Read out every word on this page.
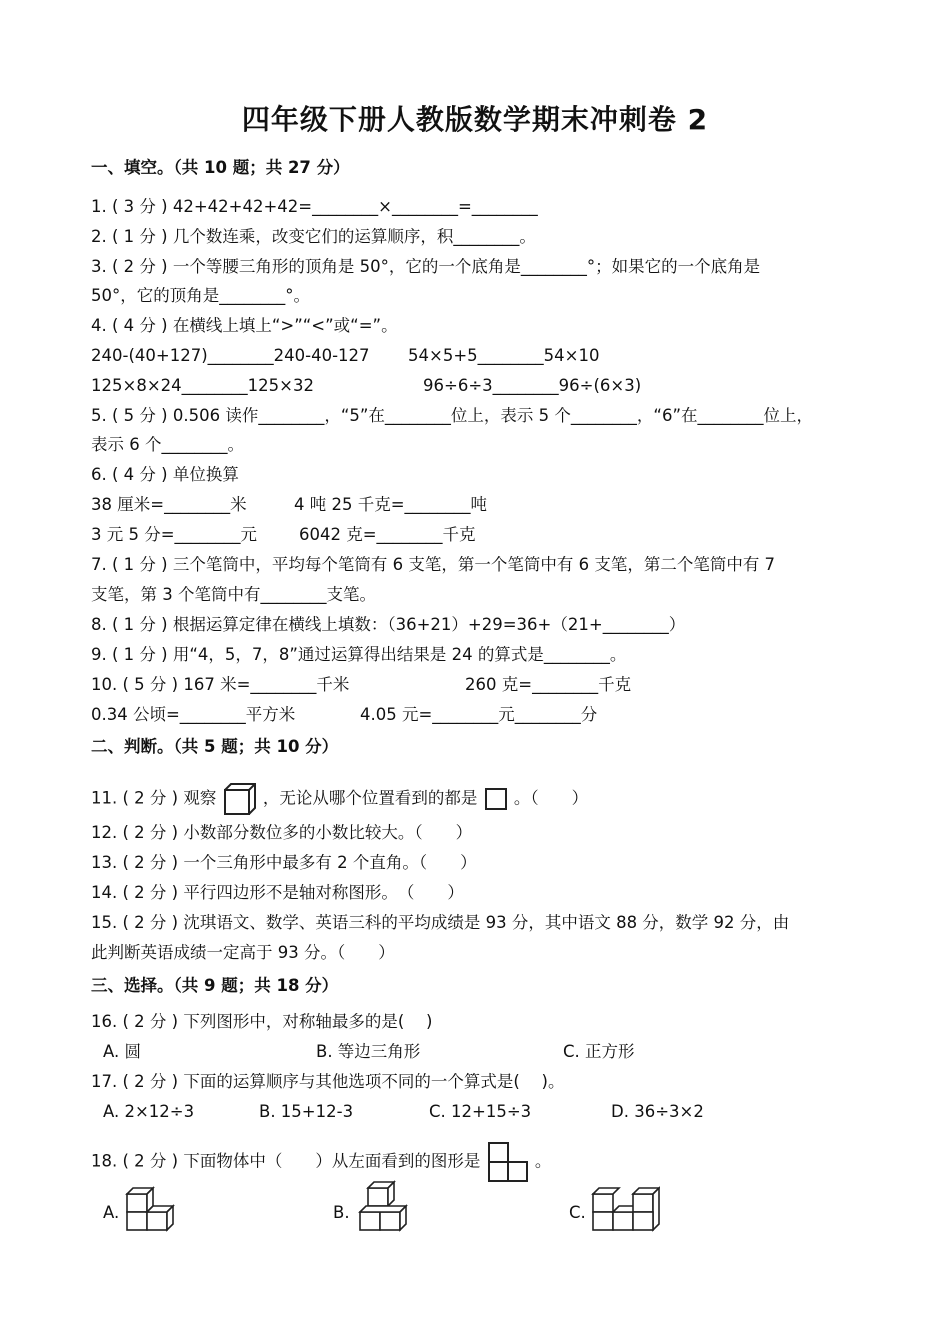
四年级下册人教版数学期末冲刺卷 2
一、填空。（共 10 题；共 27 分）
1. ( 3 分 ) 42+42+42+42=________×________=________
2. ( 1 分 ) 几个数连乘，改变它们的运算顺序，积________。
3. ( 2 分 ) 一个等腰三角形的顶角是 50°，它的一个底角是________°；如果它的一个底角是
50°，它的顶角是________°。
4. ( 4 分 ) 在横线上填上“>”“<”或“=”。
240-(40+127)________240-40-127 54×5+5________54×10
125×8×24________125×32	96÷6÷3________96÷(6×3)
5. ( 5 分 ) 0.506 读作________，“5”在________位上，表示 5 个________，“6”在________位上，
表示 6 个________。
6. ( 4 分 ) 单位换算
38 厘米=________米	4 吨 25 千克=________吨
3 元 5 分=________元	6042 克=________千克
7. ( 1 分 ) 三个笔筒中，平均每个笔筒有 6 支笔，第一个笔筒中有 6 支笔，第二个笔筒中有 7
支笔，第 3 个笔筒中有________支笔。
8. ( 1 分 ) 根据运算定律在横线上填数：（36+21）+29=36+（21+________）
9. ( 1 分 ) 用“4，5，7，8”通过运算得出结果是 24 的算式是________。
10. ( 5 分 ) 167 米=________千米	260 克=________千克
0.34 公顷=________平方米	4.05 元=________元________分
二、判断。（共 5 题；共 10 分）
11. ( 2 分 ) 观察	，无论从哪个位置看到的都是 。（　　）
12. ( 2 分 ) 小数部分数位多的小数比较大。（　　）
13. ( 2 分 ) 一个三角形中最多有 2 个直角。（　　）
14. ( 2 分 ) 平行四边形不是轴对称图形。　（　　）
15. ( 2 分 ) 沈琪语文、数学、英语三科的平均成绩是 93 分，其中语文 88 分，数学 92 分，由
此判断英语成绩一定高于 93 分。（　　）
三、选择。（共 9 题；共 18 分）
16. ( 2 分 ) 下列图形中，对称轴最多的是(　 )
A. 圆	B. 等边三角形	C. 正方形
17. ( 2 分 ) 下面的运算顺序与其他选项不同的一个算式是(　 )。
A. 2×12÷3	B. 15+12-3	C. 12+15÷3	D. 36÷3×2
18. ( 2 分 ) 下面物体中（　　）从左面看到的图形是	。
A.	B.	C.
